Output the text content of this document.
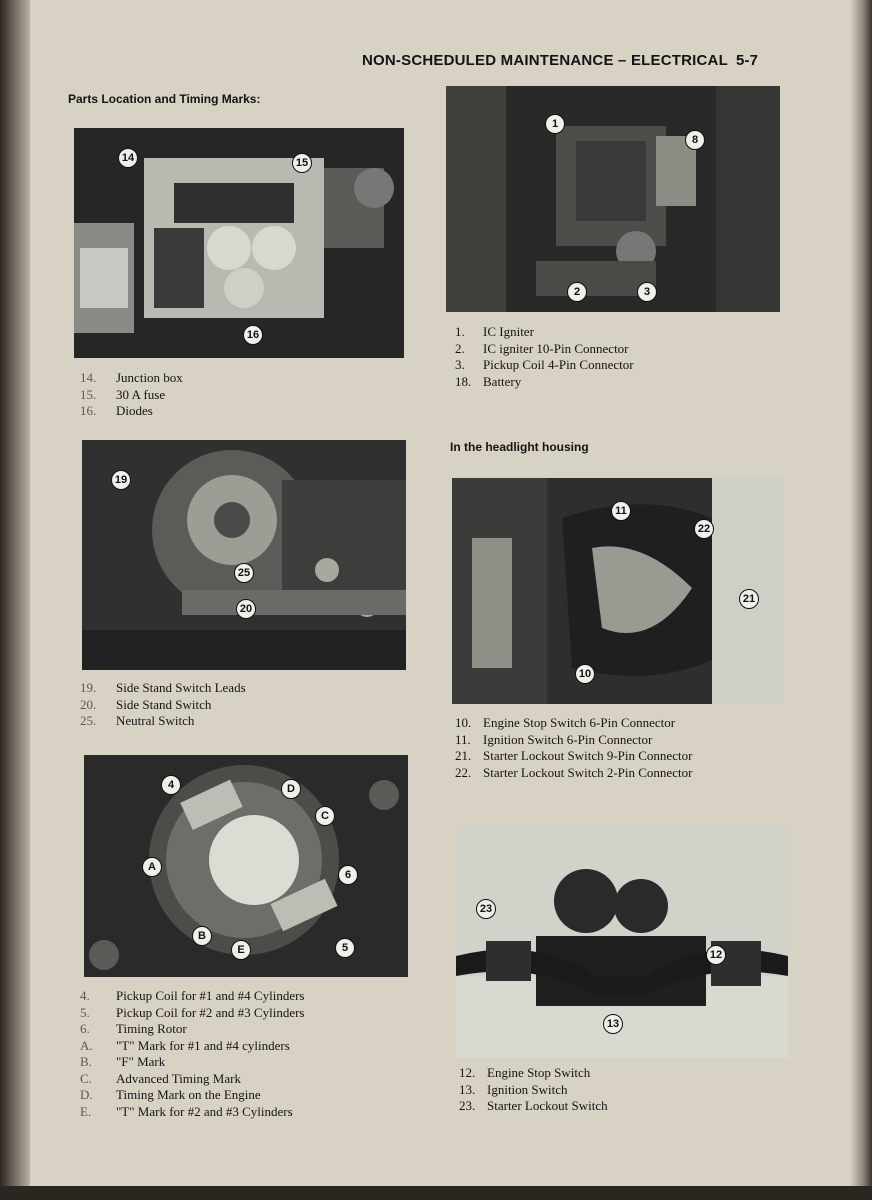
NON-SCHEDULED MAINTENANCE – ELECTRICAL 5-7
Parts Location and Timing Marks:
In the headlight housing
14	15
16
14. Junction box
15. 30 A fuse
16. Diodes
19
25
20
19. Side Stand Switch Leads
20. Side Stand Switch
25. Neutral Switch
4	D
C
A
6
B
E	5
4. Pickup Coil for #1 and #4 Cylinders
5. Pickup Coil for #2 and #3 Cylinders
6. Timing Rotor
A. "T" Mark for #1 and #4 cylinders
B. "F" Mark
C. Advanced Timing Mark
D. Timing Mark on the Engine
E. "T" Mark for #2 and #3 Cylinders
1
8
2	3
1. IC Igniter
2. IC igniter 10-Pin Connector
3. Pickup Coil 4-Pin Connector
18. Battery
11
22
21
10
10. Engine Stop Switch 6-Pin Connector
11. Ignition Switch 6-Pin Connector
21. Starter Lockout Switch 9-Pin Connector
22. Starter Lockout Switch 2-Pin Connector
23
12
13
12. Engine Stop Switch
13. Ignition Switch
23. Starter Lockout Switch
